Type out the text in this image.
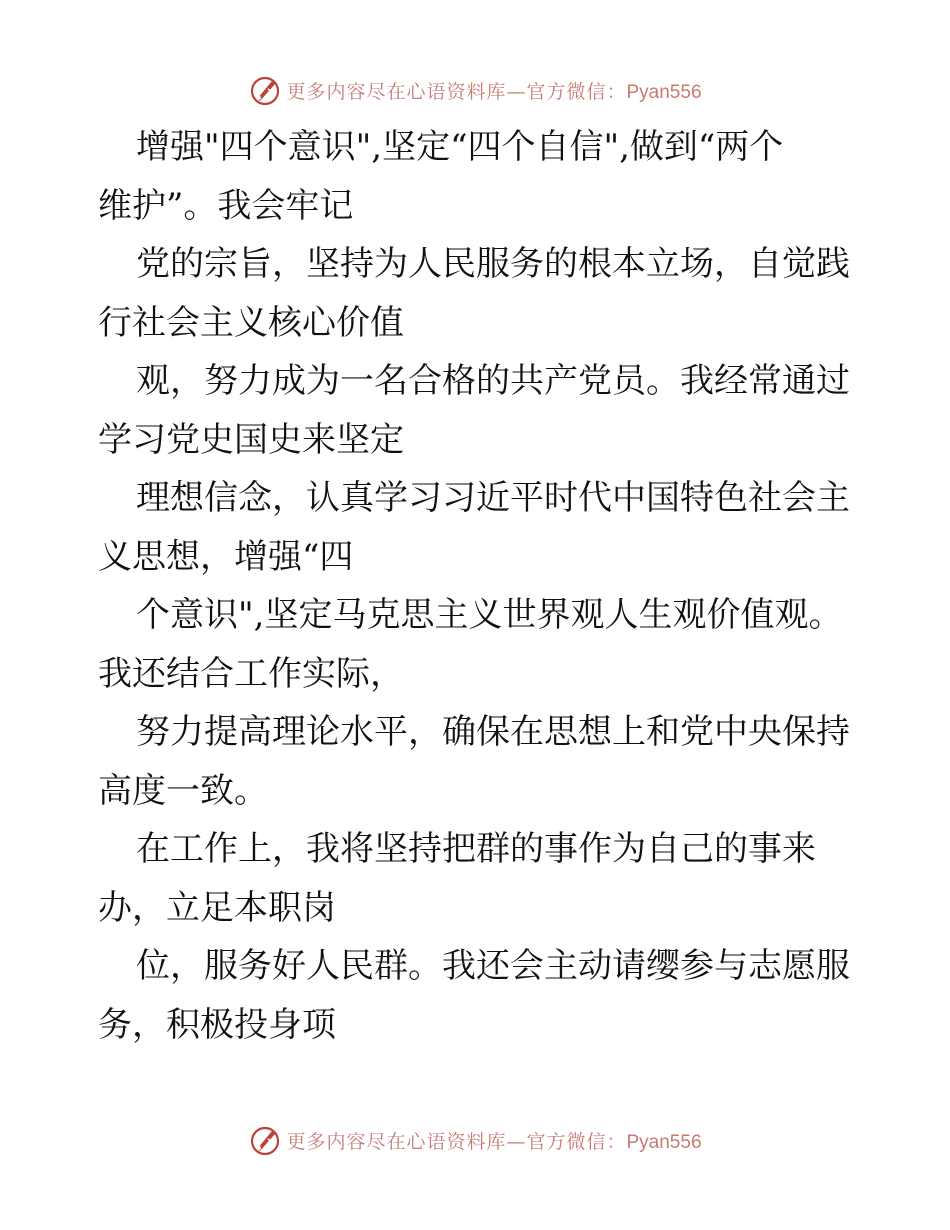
更多内容尽在心语资料库—官方微信：Pyan556

增强"四个意识",坚定“四个自信",做到“两个
维护”。我会牢记

党的宗旨，坚持为人民服务的根本立场，自觉践
行社会主义核心价值

观，努力成为一名合格的共产党员。我经常通过
学习党史国史来坚定

理想信念，认真学习习近平时代中国特色社会主
义思想，增强“四

个意识",坚定马克思主义世界观人生观价值观。
我还结合工作实际，

努力提高理论水平，确保在思想上和党中央保持
高度一致。

在工作上，我将坚持把群的事作为自己的事来
办，立足本职岗

位，服务好人民群。我还会主动请缨参与志愿服
务，积极投身项

更多内容尽在心语资料库—官方微信：Pyan556
